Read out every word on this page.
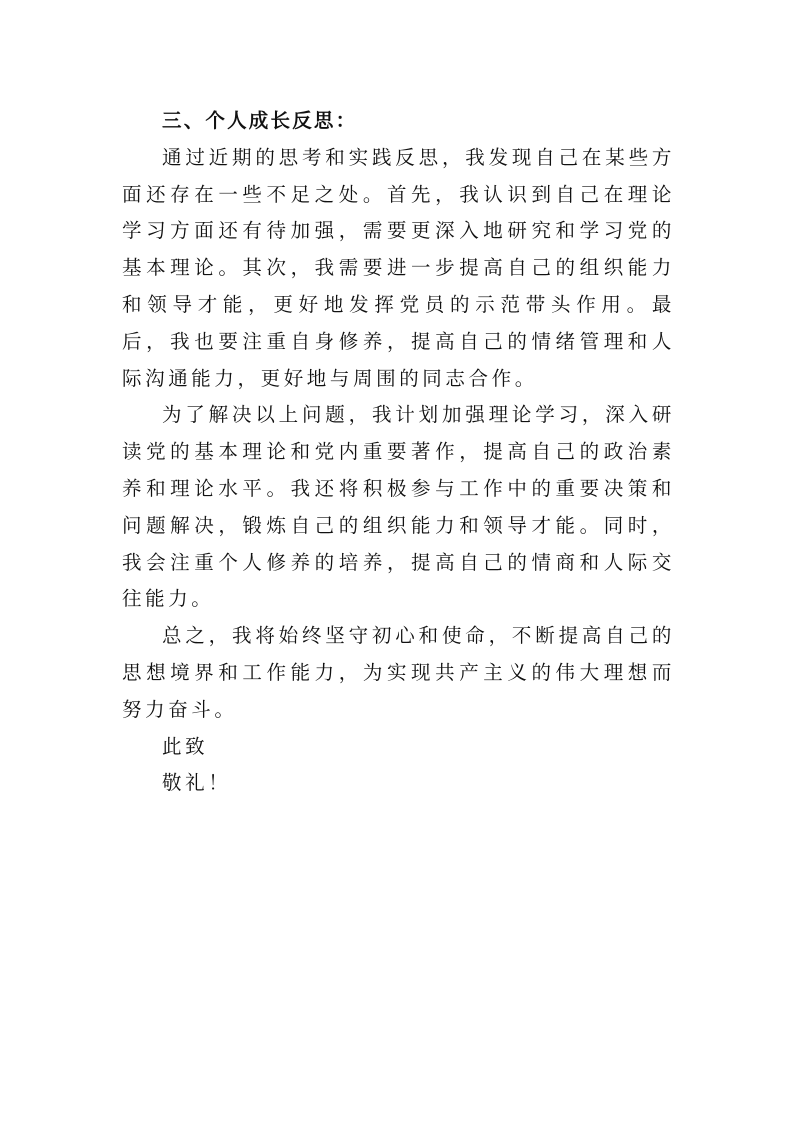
三、个人成长反思：

通过近期的思考和实践反思，我发现自己在某些方面还存在一些不足之处。首先，我认识到自己在理论学习方面还有待加强，需要更深入地研究和学习党的基本理论。其次，我需要进一步提高自己的组织能力和领导才能，更好地发挥党员的示范带头作用。最后，我也要注重自身修养，提高自己的情绪管理和人际沟通能力，更好地与周围的同志合作。

为了解决以上问题，我计划加强理论学习，深入研读党的基本理论和党内重要著作，提高自己的政治素养和理论水平。我还将积极参与工作中的重要决策和问题解决，锻炼自己的组织能力和领导才能。同时，我会注重个人修养的培养，提高自己的情商和人际交往能力。

总之，我将始终坚守初心和使命，不断提高自己的思想境界和工作能力，为实现共产主义的伟大理想而努力奋斗。

此致

敬礼！
